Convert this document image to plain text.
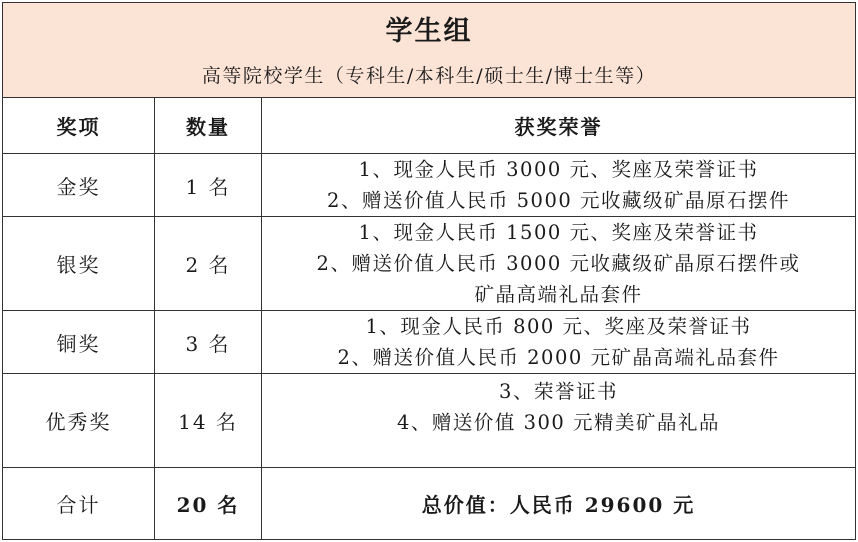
学生组
高等院校学生（专科生/本科生/硕士生/博士生等）		

奖项	数量	获奖荣誉
金奖	1 名	1、现金人民币 3000 元、奖座及荣誉证书
2、赠送价值人民币 5000 元收藏级矿晶原石摆件

银奖	2 名	1、现金人民币 1500 元、奖座及荣誉证书
2、赠送价值人民币 3000 元收藏级矿晶原石摆件或
矿晶高端礼品套件

铜奖	3 名	1、现金人民币 800 元、奖座及荣誉证书
2、赠送价值人民币 2000 元矿晶高端礼品套件

优秀奖	14 名	3、荣誉证书
4、赠送价值 300 元精美矿晶礼品

合计	20 名	总价值：人民币 29600 元
